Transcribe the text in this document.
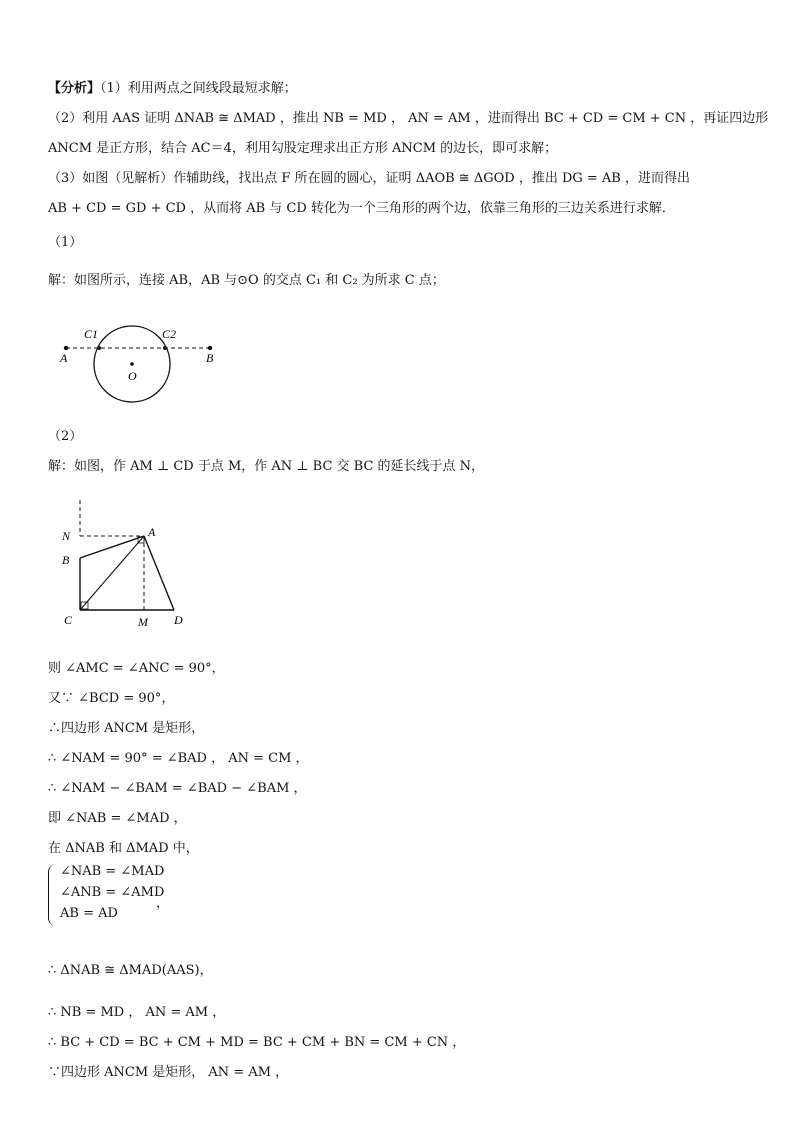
【分析】（1）利用两点之间线段最短求解；
（2）利用 AAS 证明 ΔNAB ≅ ΔMAD ，推出 NB = MD ， AN = AM ，进而得出 BC + CD = CM + CN ，再证四边形
ANCM 是正方形，结合 AC＝4，利用勾股定理求出正方形 ANCM 的边长，即可求解；
（3）如图（见解析）作辅助线，找出点 F 所在圆的圆心，证明 ΔAOB ≅ ΔGOD ，推出 DG = AB ，进而得出
AB + CD = GD + CD ，从而将 AB 与 CD 转化为一个三角形的两个边，依靠三角形的三边关系进行求解．
（1）
解：如图所示，连接 AB，AB 与⊙O 的交点 C₁ 和 C₂ 为所求 C 点；
A	B
C1	C2
O
（2）
解：如图，作 AM ⊥ CD 于点 M，作 AN ⊥ BC 交 BC 的延长线于点 N，
N	A
B
C	M D
则 ∠AMC = ∠ANC = 90°，
又∵ ∠BCD = 90°，
∴四边形 ANCM 是矩形，
∴ ∠NAM = 90° = ∠BAD ， AN = CM ，
∴ ∠NAM − ∠BAM = ∠BAD − ∠BAM ，
即 ∠NAB = ∠MAD ，
在 ΔNAB 和 ΔMAD 中，
∠NAB = ∠MAD
∠ANB = ∠AMD
AB = AD
，
∴ ΔNAB ≅ ΔMAD(AAS)，
∴ NB = MD ， AN = AM ，
∴ BC + CD = BC + CM + MD = BC + CM + BN = CM + CN ，
∵四边形 ANCM 是矩形， AN = AM ，
